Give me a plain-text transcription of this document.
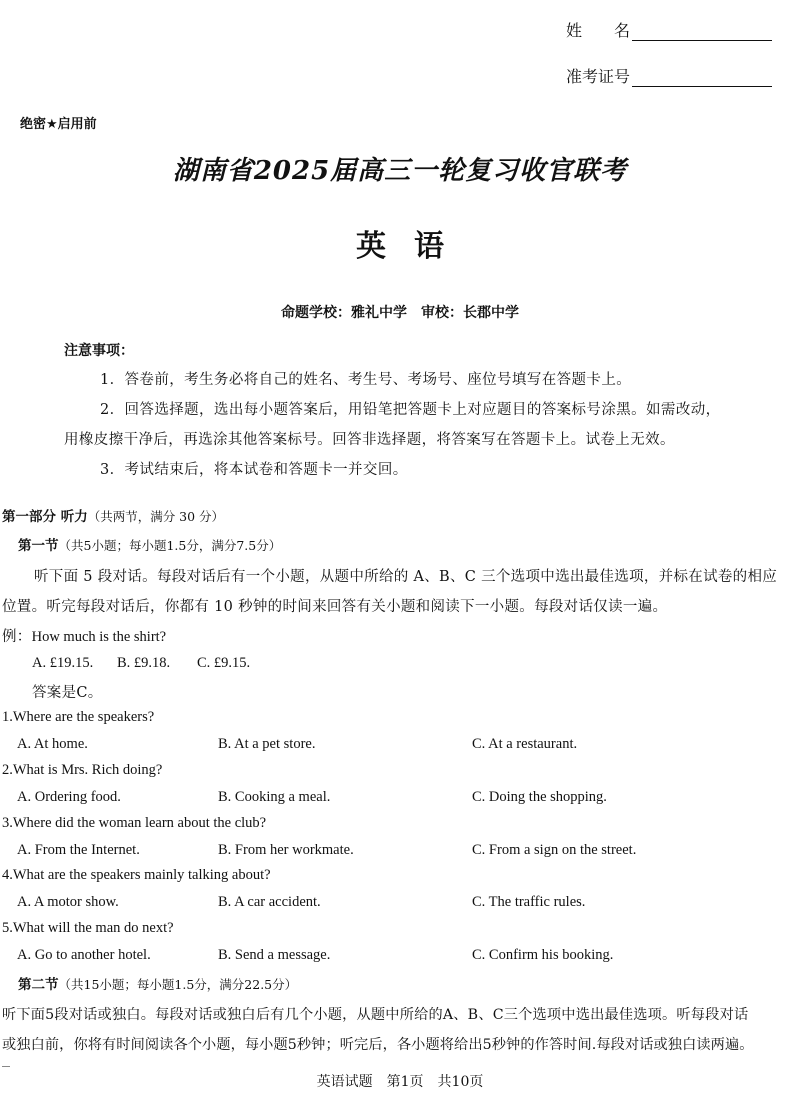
姓　　名
准考证号
绝密★启用前
湖南省2025届高三一轮复习收官联考
英语
命题学校：雅礼中学　审校：长郡中学
注意事项：
1．答卷前，考生务必将自己的姓名、考生号、考场号、座位号填写在答题卡上。
2．回答选择题，选出每小题答案后，用铅笔把答题卡上对应题目的答案标号涂黑。如需改动，
用橡皮擦干净后，再选涂其他答案标号。回答非选择题，将答案写在答题卡上。试卷上无效。
3．考试结束后，将本试卷和答题卡一并交回。
第一部分 听力（共两节，满分 30 分）
第一节（共5小题；每小题1.5分，满分7.5分）
听下面 5 段对话。每段对话后有一个小题，从题中所给的 A、B、C 三个选项中选出最佳选项，并标在试卷的相应
位置。听完每段对话后，你都有 10 秒钟的时间来回答有关小题和阅读下一小题。每段对话仅读一遍。
例：How much is the shirt?
A. £19.15. B. £9.18. C. £9.15.
答案是C。
1.Where are the speakers?
A. At home.	B. At a pet store.	C. At a restaurant.
2.What is Mrs. Rich doing?
A. Ordering food.	B. Cooking a meal.	C. Doing the shopping.
3.Where did the woman learn about the club?
A. From the Internet.	B. From her workmate.	C. From a sign on the street.
4.What are the speakers mainly talking about?
A. A motor show.	B. A car accident.	C. The traffic rules.
5.What will the man do next?
A. Go to another hotel.	B. Send a message.	C. Confirm his booking.
第二节（共15小题；每小题1.5分，满分22.5分）
听下面5段对话或独白。每段对话或独白后有几个小题，从题中所给的A、B、C三个选项中选出最佳选项。听每段对话
或独白前，你将有时间阅读各个小题，每小题5秒钟；听完后，各小题将给出5秒钟的作答时间.每段对话或独白读两遍。
英语试题　第1页　共10页
